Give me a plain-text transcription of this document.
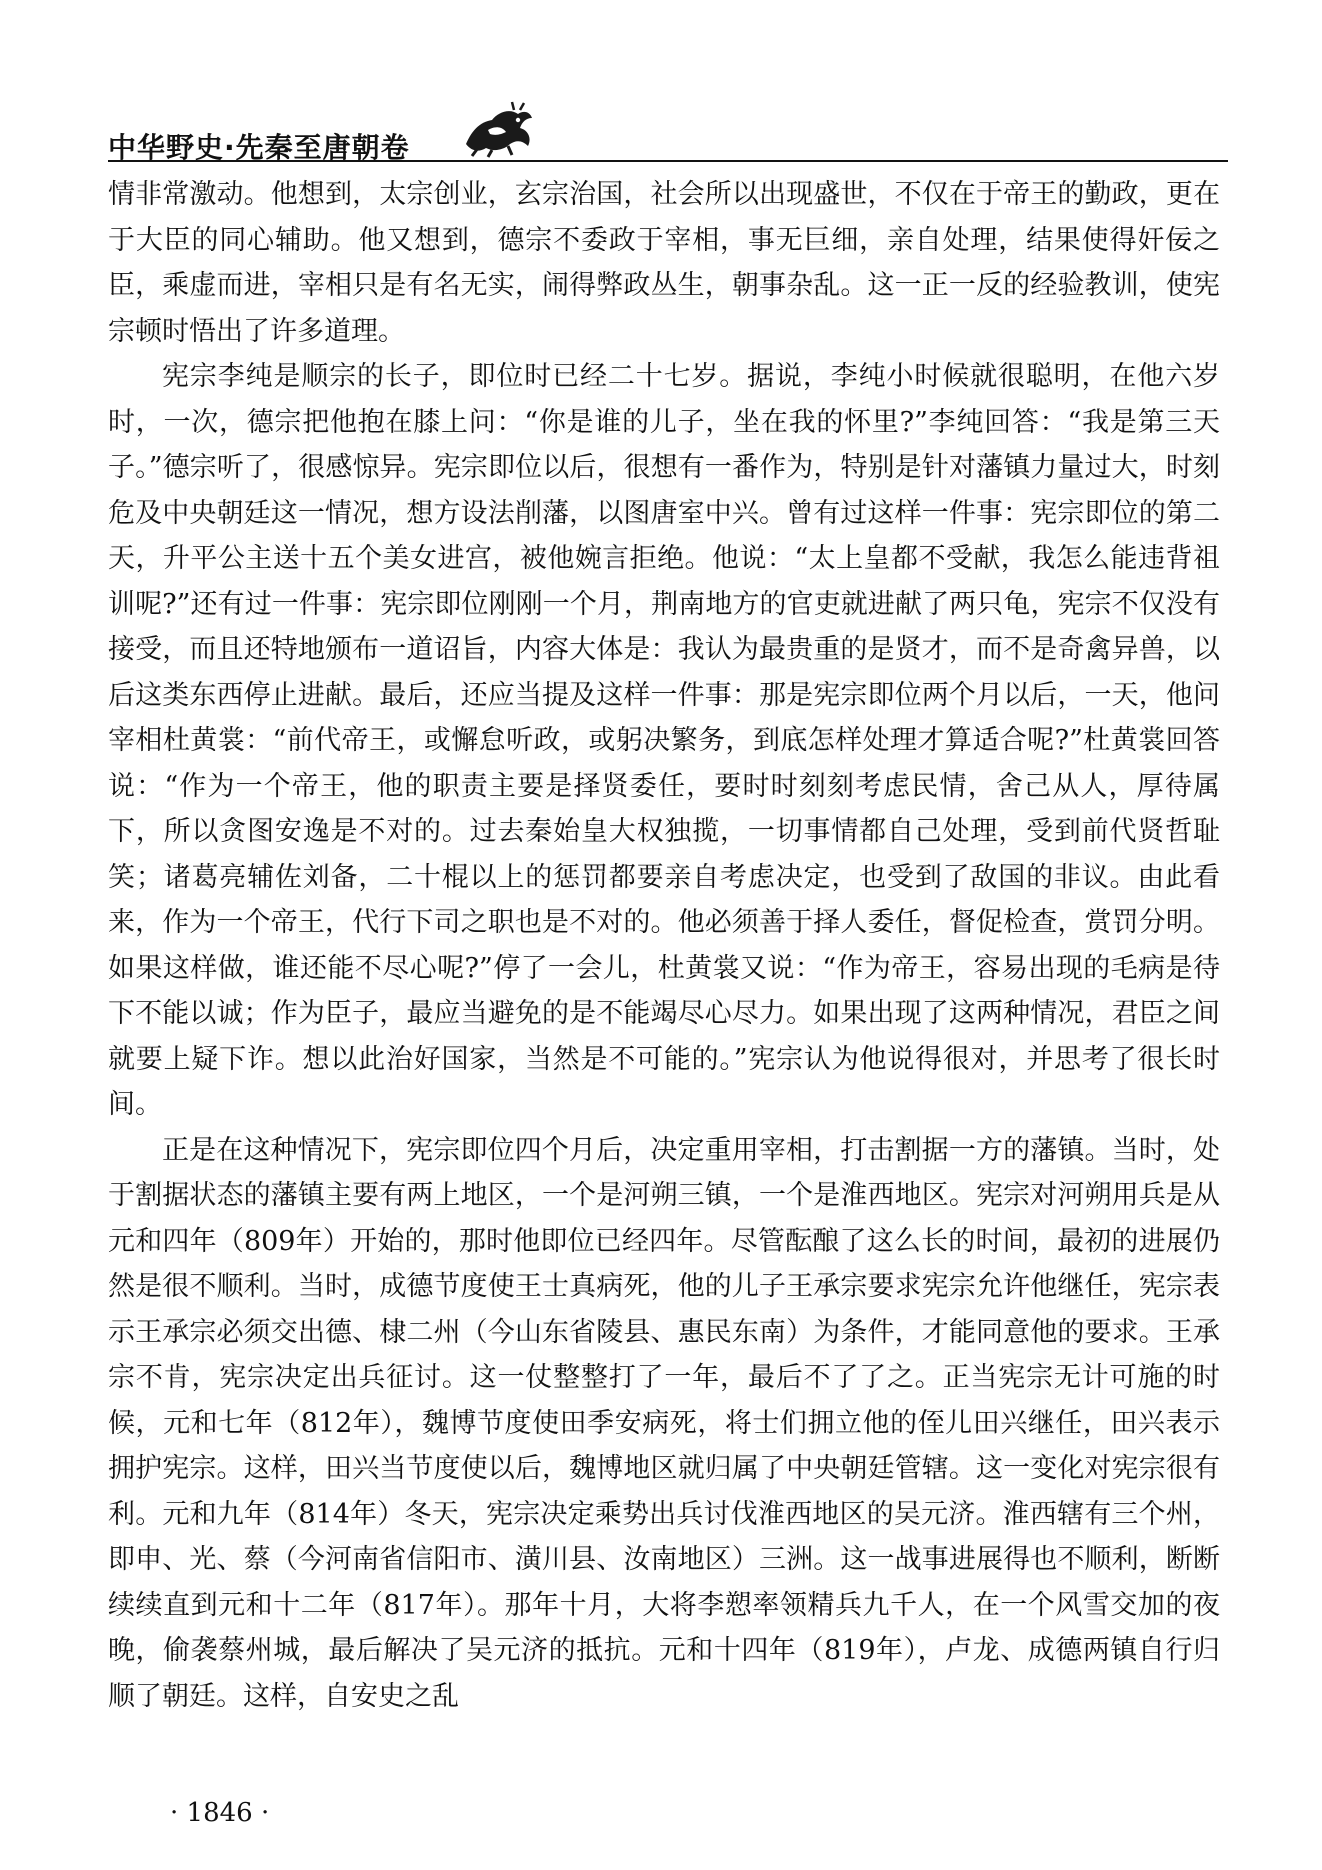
中华野史·先秦至唐朝卷

情非常激动。他想到，太宗创业，玄宗治国，社会所以出现盛世，不仅在于帝王的勤政，更在于大臣的同心辅助。他又想到，德宗不委政于宰相，事无巨细，亲自处理，结果使得奸佞之臣，乘虚而进，宰相只是有名无实，闹得弊政丛生，朝事杂乱。这一正一反的经验教训，使宪宗顿时悟出了许多道理。

宪宗李纯是顺宗的长子，即位时已经二十七岁。据说，李纯小时候就很聪明，在他六岁时，一次，德宗把他抱在膝上问：“你是谁的儿子，坐在我的怀里?”李纯回答：“我是第三天子。”德宗听了，很感惊异。宪宗即位以后，很想有一番作为，特别是针对藩镇力量过大，时刻危及中央朝廷这一情况，想方设法削藩，以图唐室中兴。曾有过这样一件事：宪宗即位的第二天，升平公主送十五个美女进宫，被他婉言拒绝。他说：“太上皇都不受献，我怎么能违背祖训呢?”还有过一件事：宪宗即位刚刚一个月，荆南地方的官吏就进献了两只龟，宪宗不仅没有接受，而且还特地颁布一道诏旨，内容大体是：我认为最贵重的是贤才，而不是奇禽异兽，以后这类东西停止进献。最后，还应当提及这样一件事：那是宪宗即位两个月以后，一天，他问宰相杜黄裳：“前代帝王，或懈怠听政，或躬决繁务，到底怎样处理才算适合呢?”杜黄裳回答说：“作为一个帝王，他的职责主要是择贤委任，要时时刻刻考虑民情，舍己从人，厚待属下，所以贪图安逸是不对的。过去秦始皇大权独揽，一切事情都自己处理，受到前代贤哲耻笑；诸葛亮辅佐刘备，二十棍以上的惩罚都要亲自考虑决定，也受到了敌国的非议。由此看来，作为一个帝王，代行下司之职也是不对的。他必须善于择人委任，督促检查，赏罚分明。如果这样做，谁还能不尽心呢?”停了一会儿，杜黄裳又说：“作为帝王，容易出现的毛病是待下不能以诚；作为臣子，最应当避免的是不能竭尽心尽力。如果出现了这两种情况，君臣之间就要上疑下诈。想以此治好国家，当然是不可能的。”宪宗认为他说得很对，并思考了很长时间。

正是在这种情况下，宪宗即位四个月后，决定重用宰相，打击割据一方的藩镇。当时，处于割据状态的藩镇主要有两上地区，一个是河朔三镇，一个是淮西地区。宪宗对河朔用兵是从元和四年（809年）开始的，那时他即位已经四年。尽管酝酿了这么长的时间，最初的进展仍然是很不顺利。当时，成德节度使王士真病死，他的儿子王承宗要求宪宗允许他继任，宪宗表示王承宗必须交出德、棣二州（今山东省陵县、惠民东南）为条件，才能同意他的要求。王承宗不肯，宪宗决定出兵征讨。这一仗整整打了一年，最后不了了之。正当宪宗无计可施的时候，元和七年（812年），魏博节度使田季安病死，将士们拥立他的侄儿田兴继任，田兴表示拥护宪宗。这样，田兴当节度使以后，魏博地区就归属了中央朝廷管辖。这一变化对宪宗很有利。元和九年（814年）冬天，宪宗决定乘势出兵讨伐淮西地区的吴元济。淮西辖有三个州，即申、光、蔡（今河南省信阳市、潢川县、汝南地区）三洲。这一战事进展得也不顺利，断断续续直到元和十二年（817年）。那年十月，大将李愬率领精兵九千人，在一个风雪交加的夜晚，偷袭蔡州城，最后解决了吴元济的抵抗。元和十四年（819年），卢龙、成德两镇自行归顺了朝廷。这样，自安史之乱

· 1846 ·
